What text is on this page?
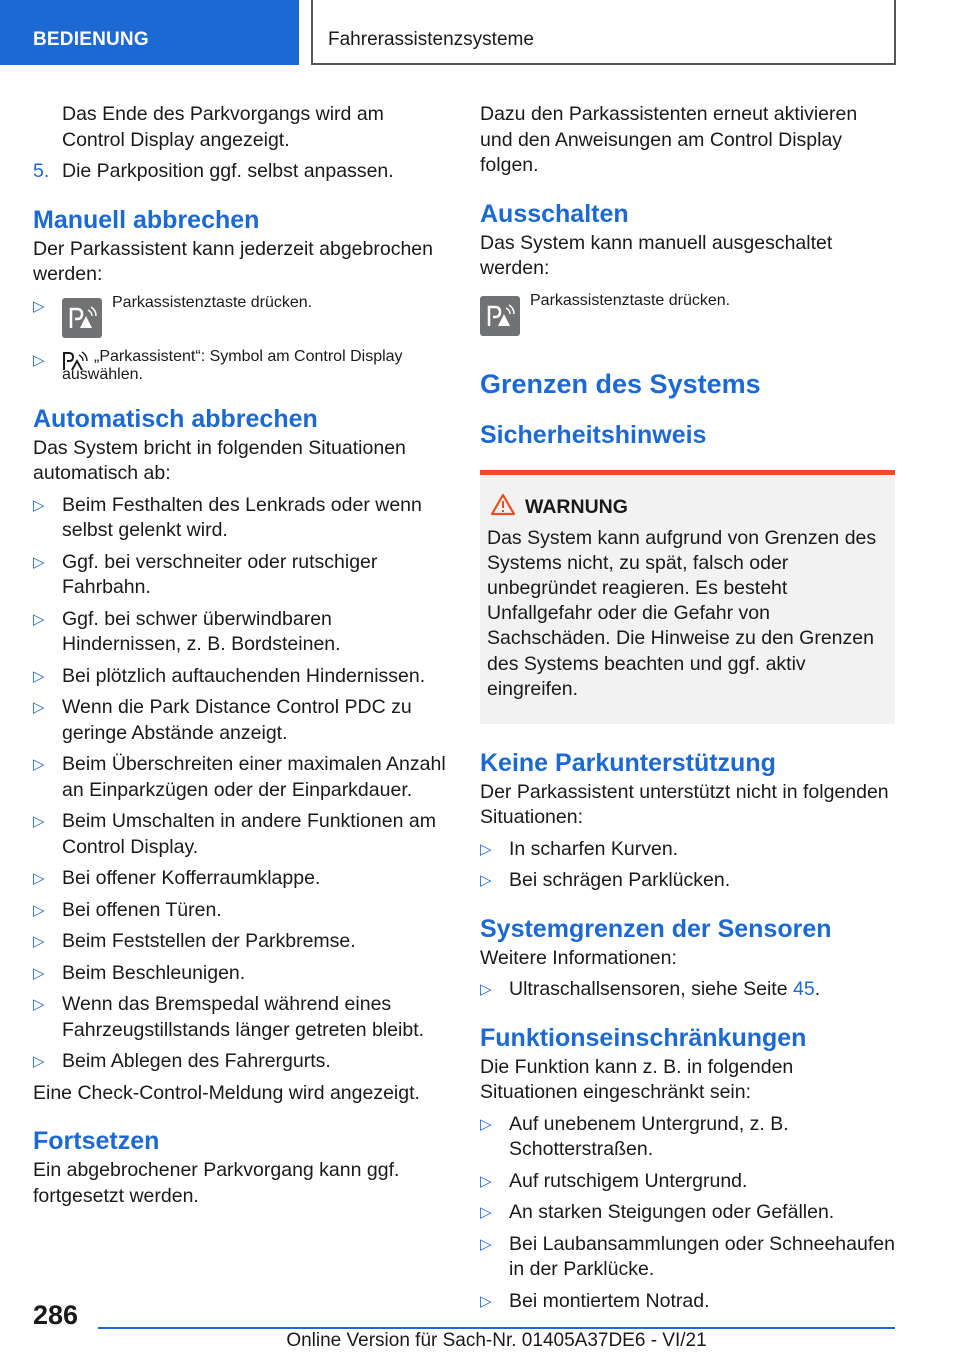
BEDIENUNG	Fahrerassistenzsysteme

Das Ende des Parkvorgangs wird am Control Display angezeigt.

5. Die Parkposition ggf. selbst anpassen.
Manuell abbrechen

Der Parkassistent kann jederzeit abgebrochen werden:

▷	Parkassistenztaste drücken.
▷	„Parkassistent“: Symbol am Control Display auswählen.
Automatisch abbrechen

Das System bricht in folgenden Situationen automatisch ab:

▷ Beim Festhalten des Lenkrads oder wenn selbst gelenkt wird.
▷ Ggf. bei verschneiter oder rutschiger Fahrbahn.
▷ Ggf. bei schwer überwindbaren Hindernissen, z. B. Bordsteinen.
▷ Bei plötzlich auftauchenden Hindernissen.
▷ Wenn die Park Distance Control PDC zu geringe Abstände anzeigt.
▷ Beim Überschreiten einer maximalen Anzahl an Einparkzügen oder der Einparkdauer.
▷ Beim Umschalten in andere Funktionen am Control Display.
▷ Bei offener Kofferraumklappe.
▷ Bei offenen Türen.
▷ Beim Feststellen der Parkbremse.
▷ Beim Beschleunigen.
▷ Wenn das Bremspedal während eines Fahrzeugstillstands länger getreten bleibt.
▷ Beim Ablegen des Fahrergurts.

Eine Check-Control-Meldung wird angezeigt.

Fortsetzen

Ein abgebrochener Parkvorgang kann ggf. fortgesetzt werden.

Dazu den Parkassistenten erneut aktivieren und den Anweisungen am Control Display folgen.

Ausschalten

Das System kann manuell ausgeschaltet werden:

Parkassistenztaste drücken.
Grenzen des Systems
Sicherheitshinweis
WARNUNG

Das System kann aufgrund von Grenzen des Systems nicht, zu spät, falsch oder unbegründet reagieren. Es besteht Unfallgefahr oder die Gefahr von Sachschäden. Die Hinweise zu den Grenzen des Systems beachten und ggf. aktiv eingreifen.

Keine Parkunterstützung

Der Parkassistent unterstützt nicht in folgenden Situationen:

▷ In scharfen Kurven.
▷ Bei schrägen Parklücken.
Systemgrenzen der Sensoren

Weitere Informationen:

▷ Ultraschallsensoren, siehe Seite 45.
Funktionseinschränkungen

Die Funktion kann z. B. in folgenden Situationen eingeschränkt sein:

▷ Auf unebenem Untergrund, z. B. Schotterstraßen.
▷ Auf rutschigem Untergrund.
▷ An starken Steigungen oder Gefällen.
▷ Bei Laubansammlungen oder Schneehaufen in der Parklücke.
▷ Bei montiertem Notrad.
286
Online Version für Sach-Nr. 01405A37DE6 - VI/21
